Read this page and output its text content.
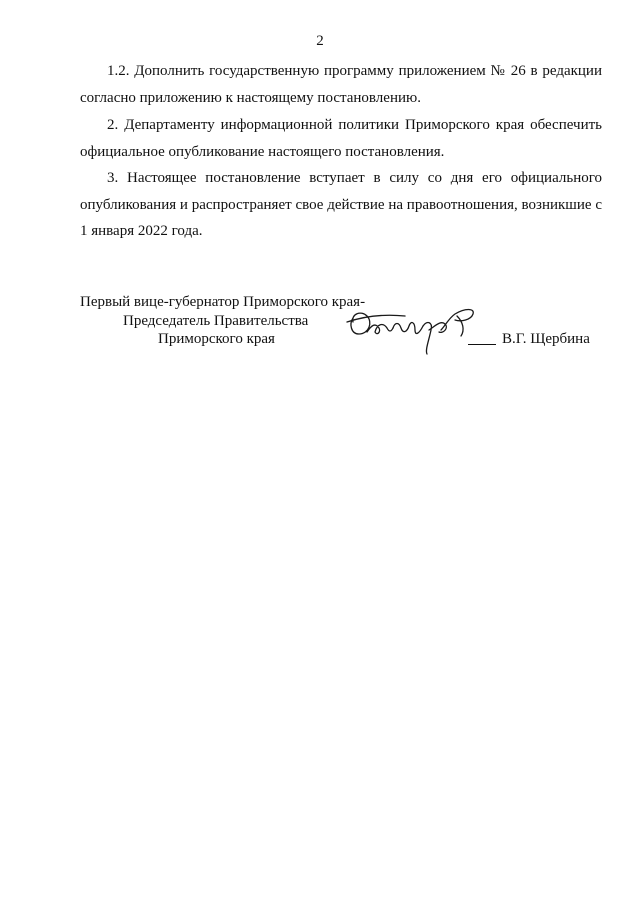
2

1.2. Дополнить государственную программу приложением № 26 в редакции согласно приложению к настоящему постановлению.

2. Департаменту информационной политики Приморского края обеспечить официальное опубликование настоящего постановления.

3. Настоящее постановление вступает в силу со дня его официального опубликования и распространяет свое действие на правоотношения, возникшие с 1 января 2022 года.

Первый вице-губернатор Приморского края-
Председатель Правительства
Приморского края	В.Г. Щербина
